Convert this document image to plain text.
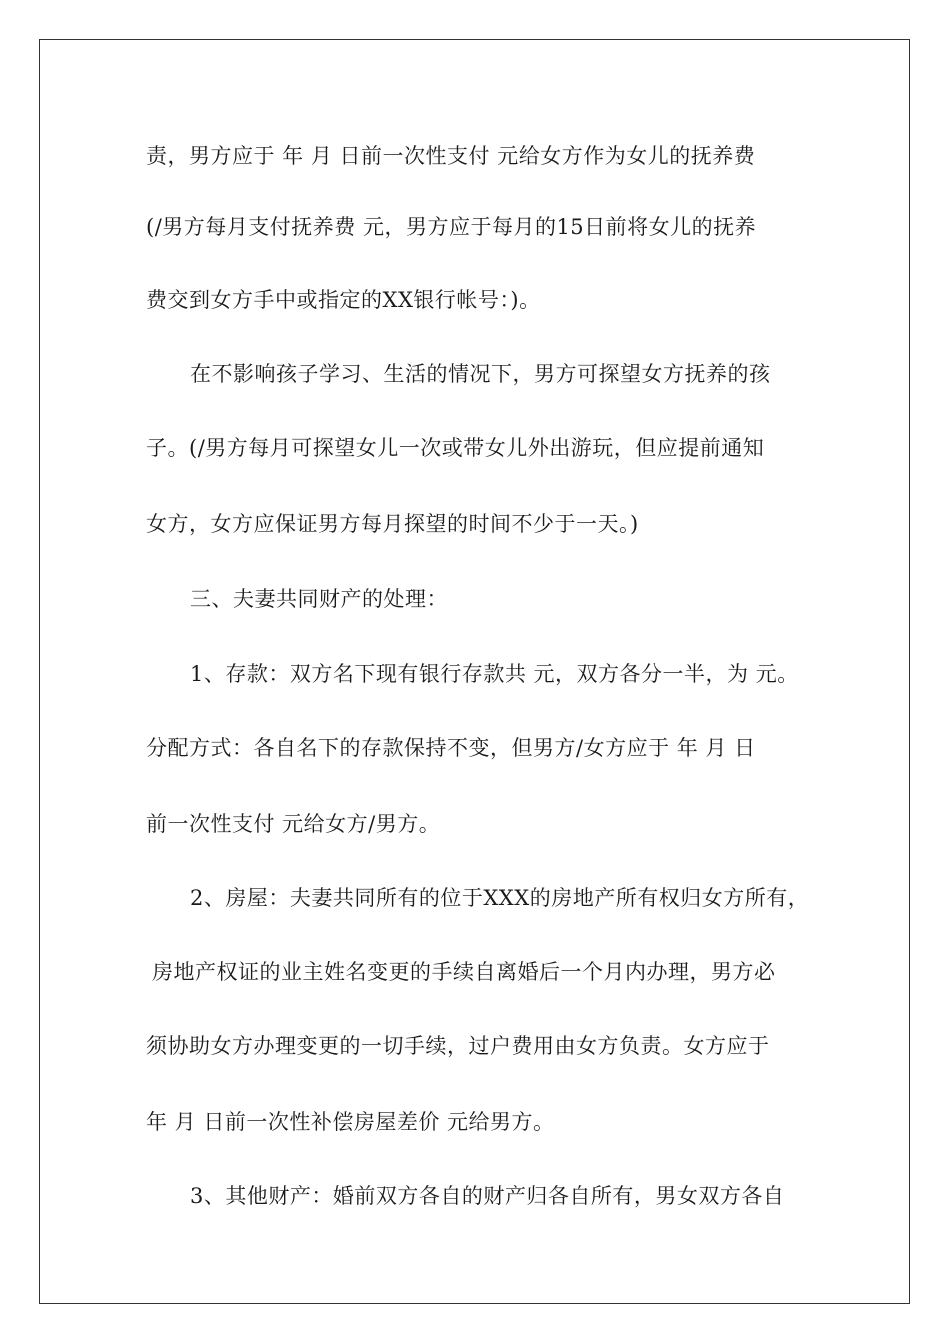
责，男方应于 年 月 日前一次性支付 元给女方作为女儿的抚养费
(/男方每月支付抚养费 元，男方应于每月的15日前将女儿的抚养
费交到女方手中或指定的XX银行帐号：)。
在不影响孩子学习、生活的情况下，男方可探望女方抚养的孩
子。(/男方每月可探望女儿一次或带女儿外出游玩，但应提前通知
女方，女方应保证男方每月探望的时间不少于一天。)
三、夫妻共同财产的处理：
1、存款：双方名下现有银行存款共 元，双方各分一半，为 元。
分配方式：各自名下的存款保持不变，但男方/女方应于 年 月 日
前一次性支付 元给女方/男方。
2、房屋：夫妻共同所有的位于XXX的房地产所有权归女方所有，
房地产权证的业主姓名变更的手续自离婚后一个月内办理，男方必
须协助女方办理变更的一切手续，过户费用由女方负责。女方应于
年 月 日前一次性补偿房屋差价 元给男方。
3、其他财产：婚前双方各自的财产归各自所有，男女双方各自
